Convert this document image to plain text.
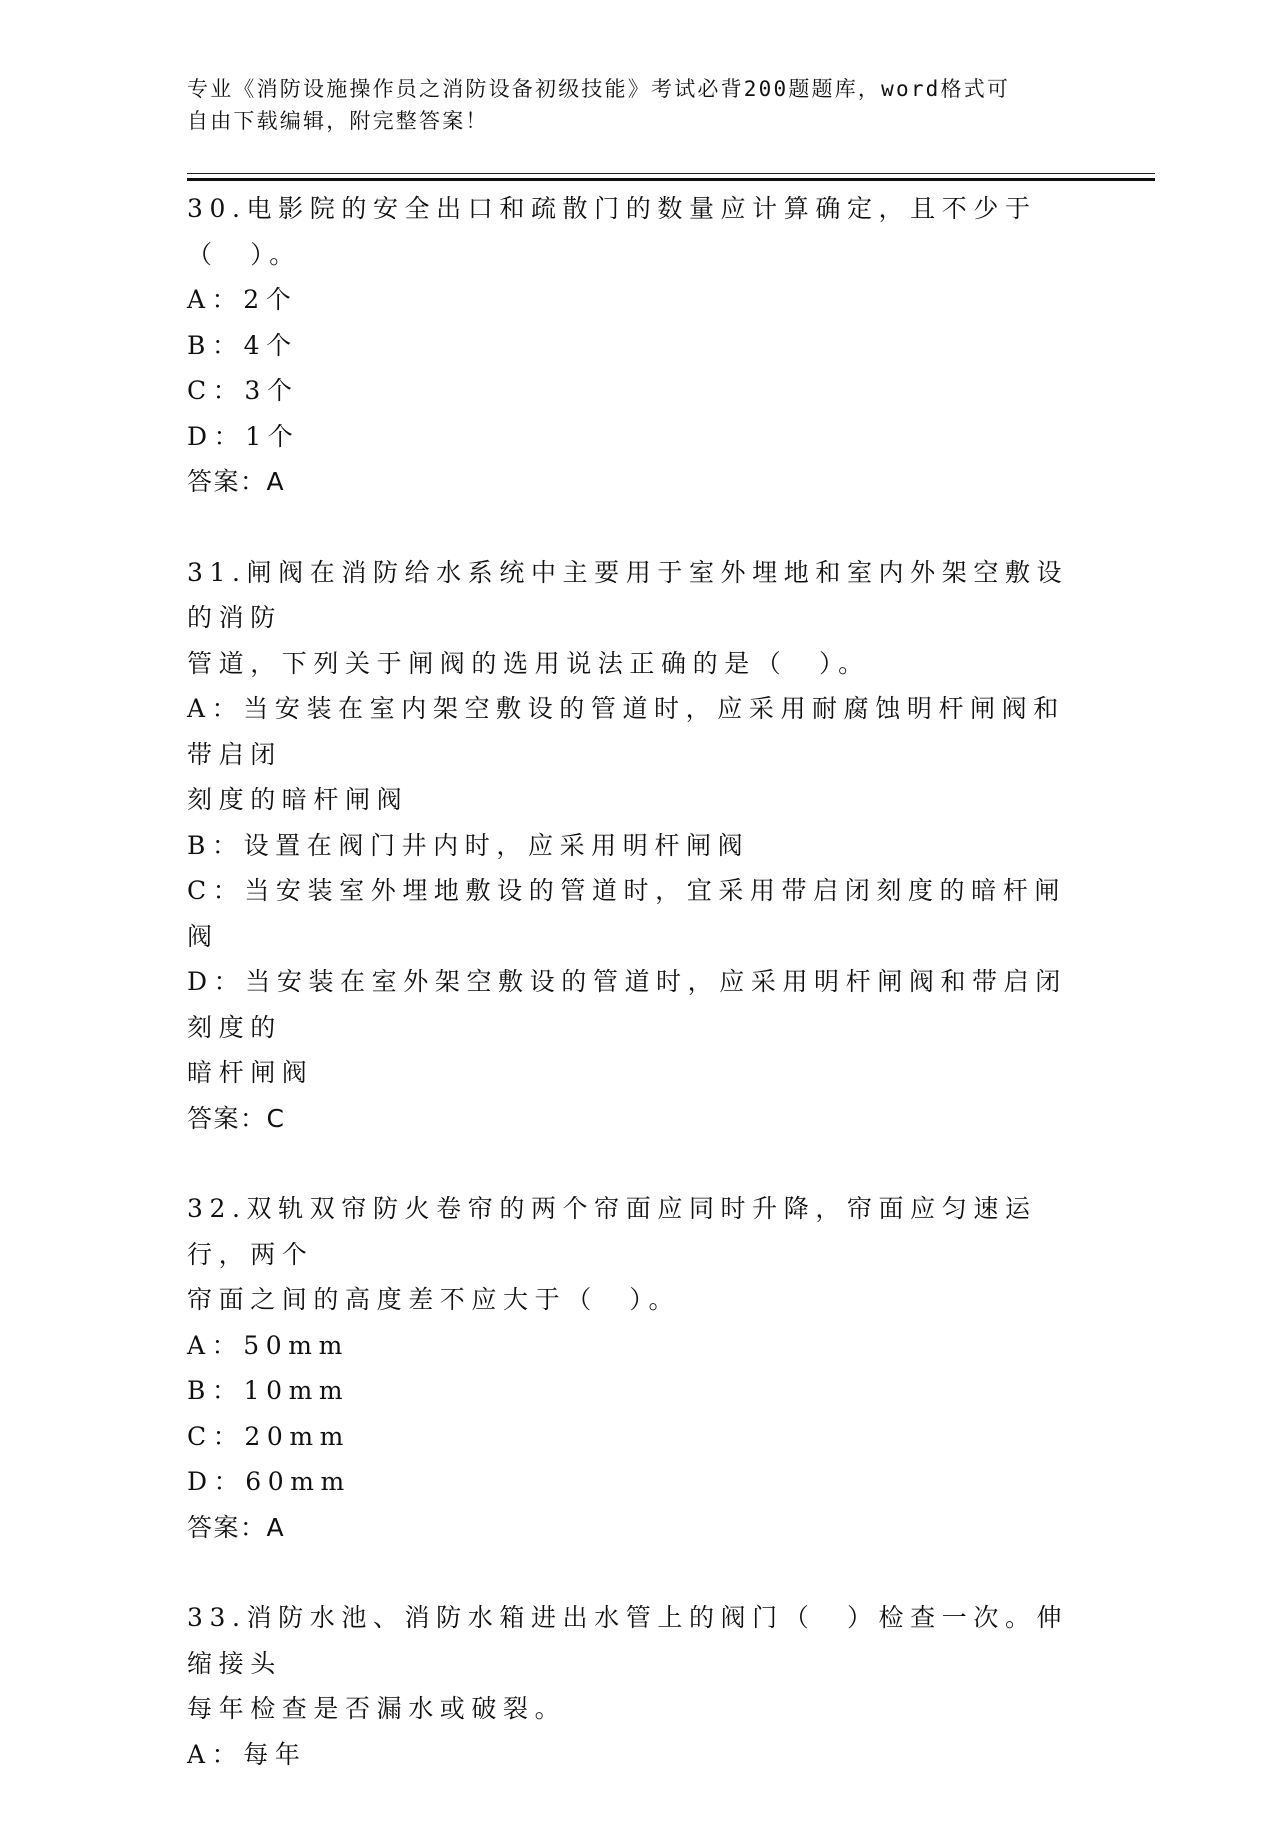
专业《消防设施操作员之消防设备初级技能》考试必背200题题库，word格式可
自由下载编辑，附完整答案！
30.电影院的安全出口和疏散门的数量应计算确定，且不少于（　）。
A：2个
B：4个
C：3个
D：1个
答案：A
31.闸阀在消防给水系统中主要用于室外埋地和室内外架空敷设的消防
管道，下列关于闸阀的选用说法正确的是（　）。
A：当安装在室内架空敷设的管道时，应采用耐腐蚀明杆闸阀和带启闭
刻度的暗杆闸阀
B：设置在阀门井内时，应采用明杆闸阀
C：当安装室外埋地敷设的管道时，宜采用带启闭刻度的暗杆闸阀
D：当安装在室外架空敷设的管道时，应采用明杆闸阀和带启闭刻度的
暗杆闸阀
答案：C
32.双轨双帘防火卷帘的两个帘面应同时升降，帘面应匀速运行，两个
帘面之间的高度差不应大于（　）。
A：50mm
B：10mm
C：20mm
D：60mm
答案：A
33.消防水池、消防水箱进出水管上的阀门（　）检查一次。伸缩接头
每年检查是否漏水或破裂。
A：每年
